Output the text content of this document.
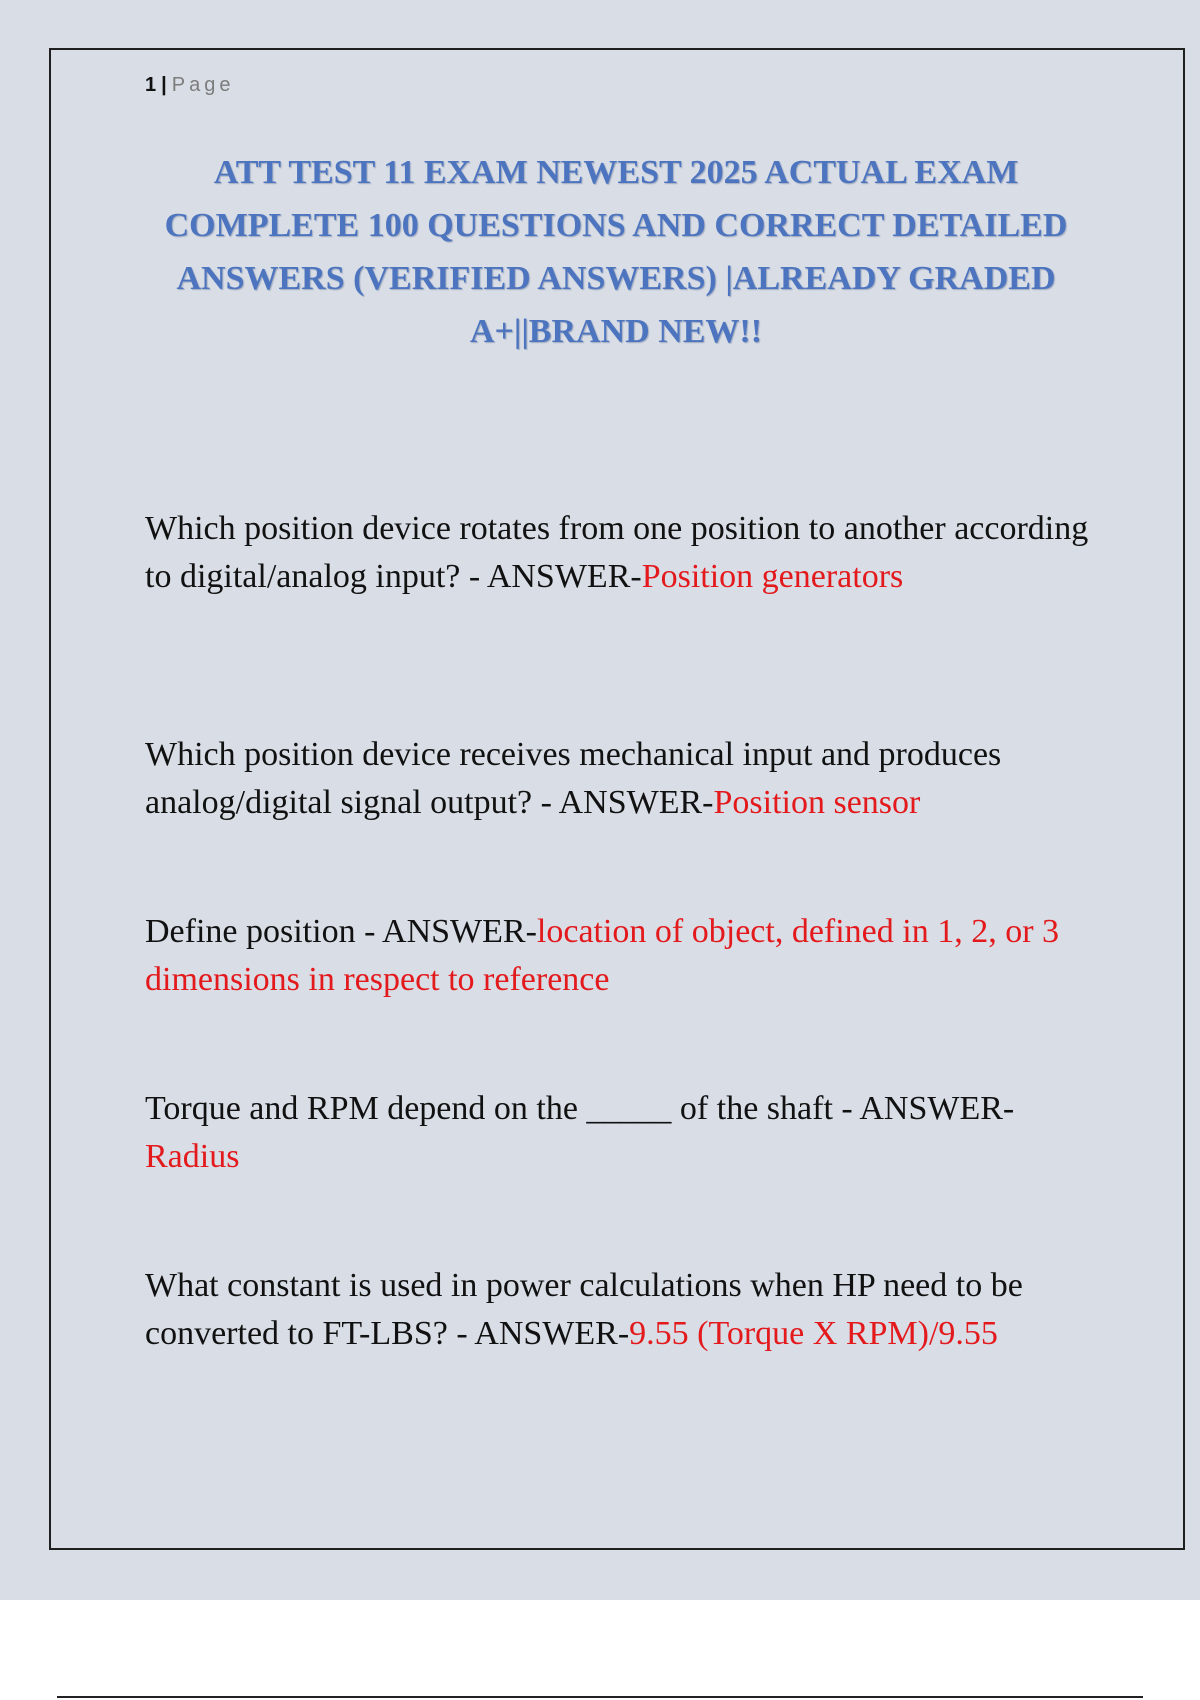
1 | Page
ATT TEST 11 EXAM NEWEST 2025 ACTUAL EXAM COMPLETE 100 QUESTIONS AND CORRECT DETAILED ANSWERS (VERIFIED ANSWERS) |ALREADY GRADED A+||BRAND NEW!!
Which position device rotates from one position to another according to digital/analog input? - ANSWER-Position generators
Which position device receives mechanical input and produces analog/digital signal output? - ANSWER-Position sensor
Define position - ANSWER-location of object, defined in 1, 2, or 3 dimensions in respect to reference
Torque and RPM depend on the _____ of the shaft - ANSWER-Radius
What constant is used in power calculations when HP need to be converted to FT-LBS? - ANSWER-9.55 (Torque X RPM)/9.55
